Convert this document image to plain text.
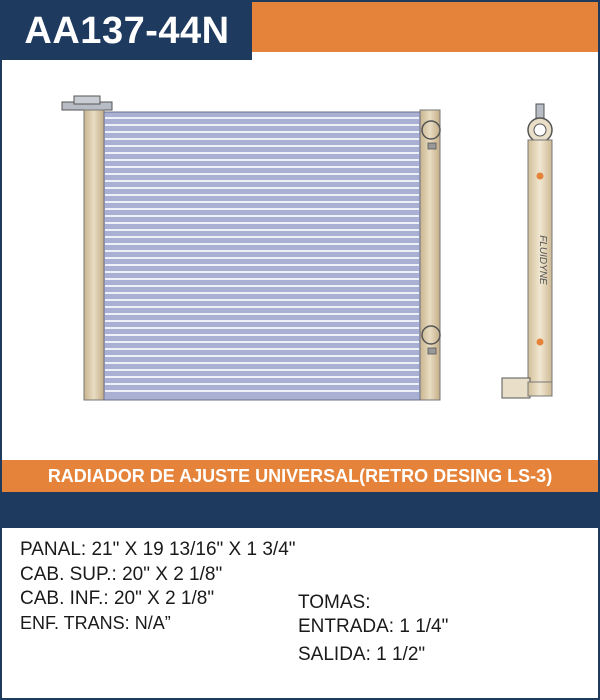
AA137-44N
FLUIDYNE
RADIADOR DE AJUSTE UNIVERSAL(RETRO DESING LS-3)
PANAL: 21" X 19 13/16" X 1 3/4"
CAB. SUP.: 20" X 2 1/8"
CAB. INF.: 20" X 2 1/8"
ENF. TRANS: N/A”
TOMAS:
ENTRADA: 1 1/4"
SALIDA: 1 1/2"
